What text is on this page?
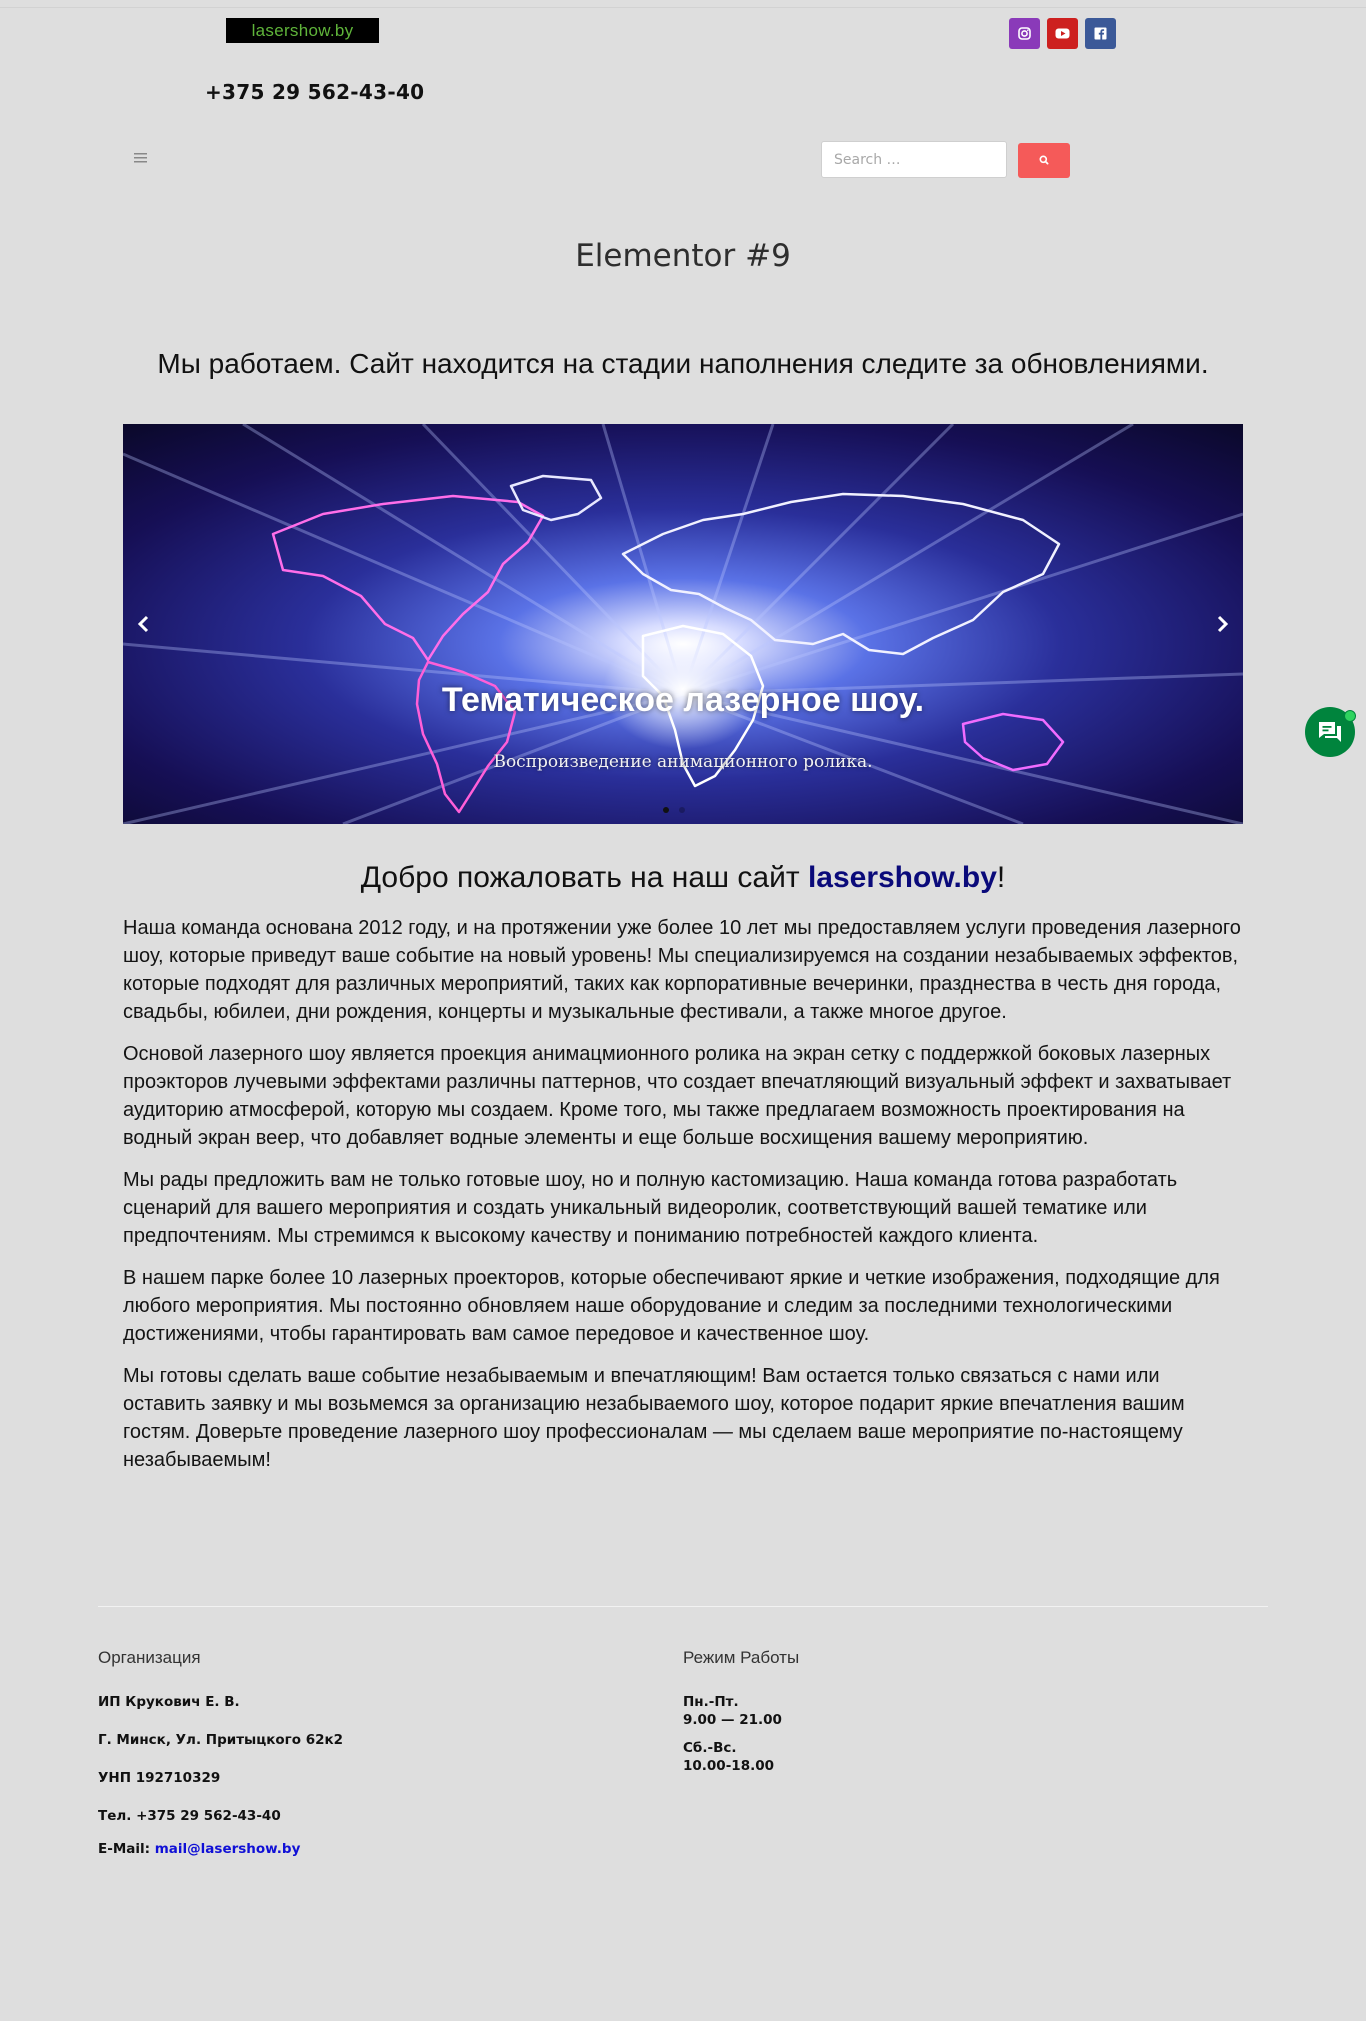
lasershow.by
+375 29 562-43-40
Search …
Elementor #9
Мы работаем. Сайт находится на стадии наполнения следите за обновлениями.
Тематическое лазерное шоу.
Воспроизведение анимационного ролика.
Добро пожаловать на наш сайт lasershow.by!

Наша команда основана 2012 году, и на протяжении уже более 10 лет мы предоставляем услуги проведения лазерного шоу, которые приведут ваше событие на новый уровень! Мы специализируемся на создании незабываемых эффектов, которые подходят для различных мероприятий, таких как корпоративные вечеринки, празднества в честь дня города, свадьбы, юбилеи, дни рождения, концерты и музыкальные фестивали, а также многое другое.

Основой лазерного шоу является проекция анимацмионного ролика на экран сетку с поддержкой боковых лазерных проэкторов лучевыми эффектами различны паттернов, что создает впечатляющий визуальный эффект и захватывает аудиторию атмосферой, которую мы создаем. Кроме того, мы также предлагаем возможность проектирования на водный экран веер, что добавляет водные элементы и еще больше восхищения вашему мероприятию.

Мы рады предложить вам не только готовые шоу, но и полную кастомизацию. Наша команда готова разработать сценарий для вашего мероприятия и создать уникальный видеоролик, соответствующий вашей тематике или предпочтениям. Мы стремимся к высокому качеству и пониманию потребностей каждого клиента.

В нашем парке более 10 лазерных проекторов, которые обеспечивают яркие и четкие изображения, подходящие для любого мероприятия. Мы постоянно обновляем наше оборудование и следим за последними технологическими достижениями, чтобы гарантировать вам самое передовое и качественное шоу.

Мы готовы сделать ваше событие незабываемым и впечатляющим! Вам остается только связаться с нами или оставить заявку и мы возьмемся за организацию незабываемого шоу, которое подарит яркие впечатления вашим гостям. Доверьте проведение лазерного шоу профессионалам — мы сделаем ваше мероприятие по-настоящему незабываемым!

Организация
ИП Крукович Е. В.
Г. Минск, Ул. Притыцкого 62к2
УНП 192710329
Тел. +375 29 562-43-40
E-Mail: mail@lasershow.by
Режим Работы
Пн.-Пт.
9.00 — 21.00
Сб.-Вс.
10.00-18.00
